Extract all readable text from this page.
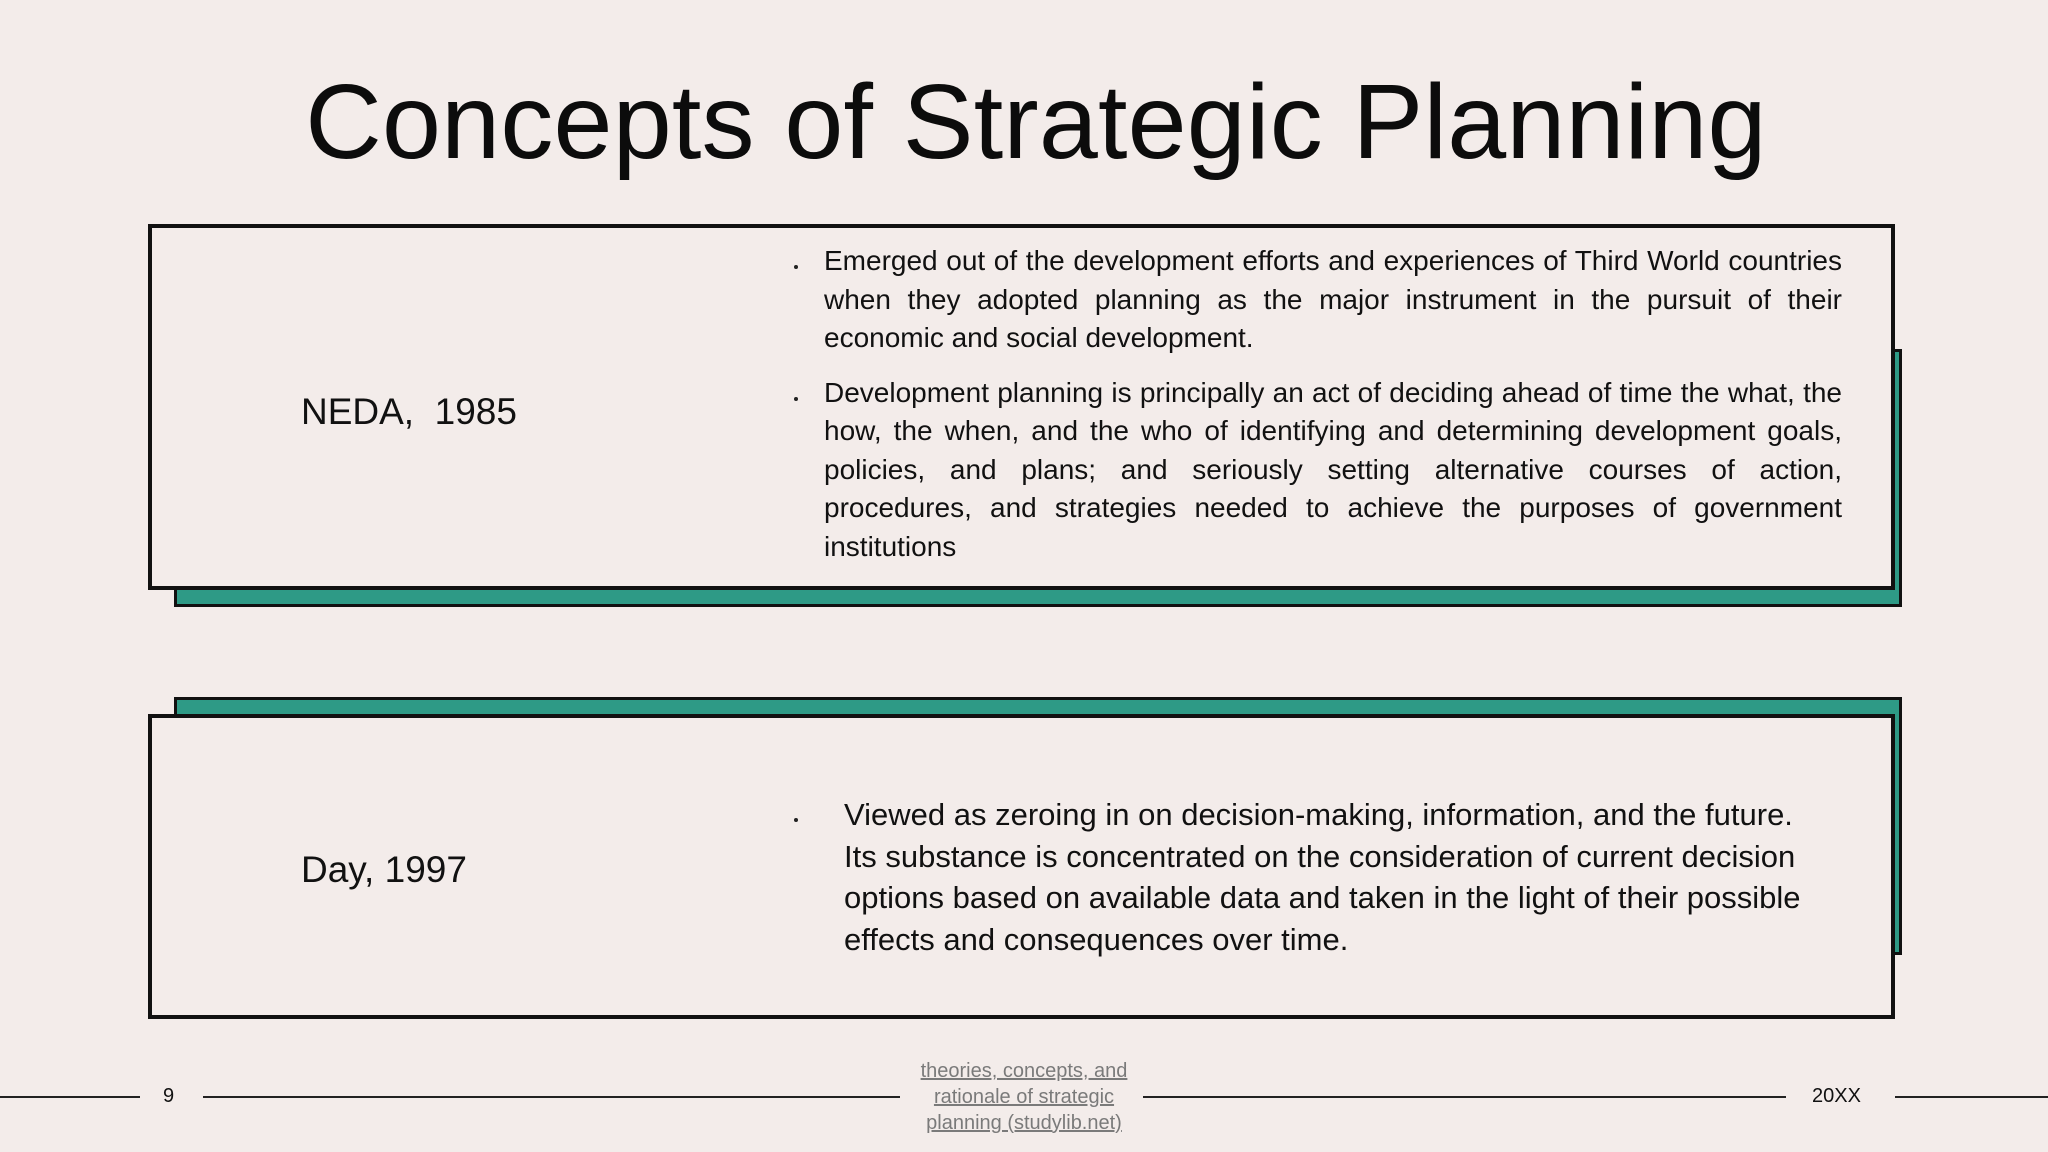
Concepts of Strategic Planning
NEDA,  1985
Emerged out of the development efforts and experiences of Third World countries when they adopted planning as the major instrument in the pursuit of their economic and social development.
Development planning is principally an act of deciding ahead of time the what, the how, the when, and the who of identifying and determining development goals, policies, and plans; and seriously setting alternative courses of action, procedures, and strategies needed to achieve the purposes of government institutions
Day, 1997
Viewed as zeroing in on decision-making, information, and the future. Its substance is concentrated on the consideration of current decision options based on available data and taken in the light of their possible effects and consequences over time.
9
theories, concepts, and rationale of strategic planning (studylib.net)
20XX
